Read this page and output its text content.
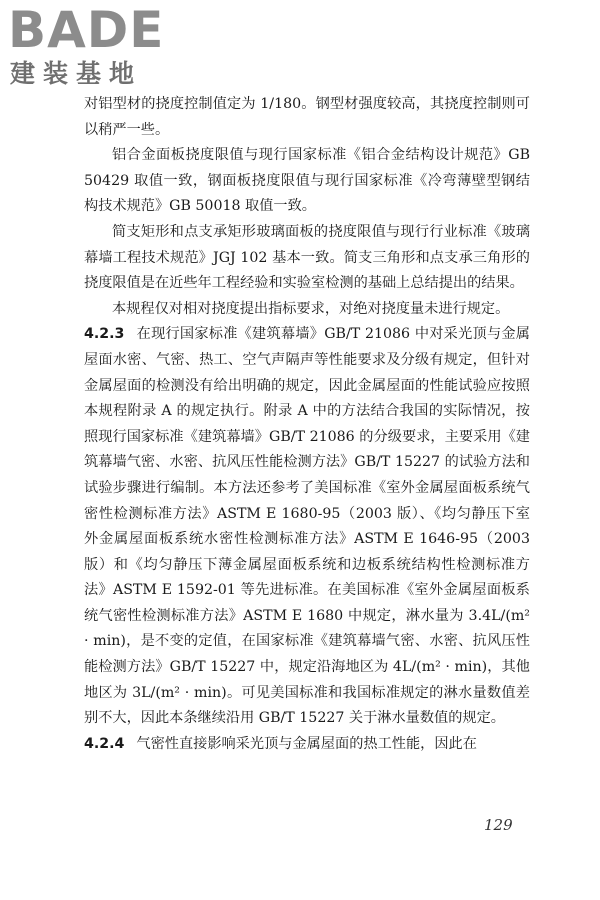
BADE
建装基地

对铝型材的挠度控制值定为 1/180。钢型材强度较高，其挠度控制则可以稍严一些。

铝合金面板挠度限值与现行国家标准《铝合金结构设计规范》GB 50429 取值一致，钢面板挠度限值与现行国家标准《冷弯薄壁型钢结构技术规范》GB 50018 取值一致。

简支矩形和点支承矩形玻璃面板的挠度限值与现行行业标准《玻璃幕墙工程技术规范》JGJ 102 基本一致。简支三角形和点支承三角形的挠度限值是在近些年工程经验和实验室检测的基础上总结提出的结果。

本规程仅对相对挠度提出指标要求，对绝对挠度量未进行规定。

4.2.3 在现行国家标准《建筑幕墙》GB/T 21086 中对采光顶与金属屋面水密、气密、热工、空气声隔声等性能要求及分级有规定，但针对金属屋面的检测没有给出明确的规定，因此金属屋面的性能试验应按照本规程附录 A 的规定执行。附录 A 中的方法结合我国的实际情况，按照现行国家标准《建筑幕墙》GB/T 21086 的分级要求，主要采用《建筑幕墙气密、水密、抗风压性能检测方法》GB/T 15227 的试验方法和试验步骤进行编制。本方法还参考了美国标准《室外金属屋面板系统气密性检测标准方法》ASTM E 1680-95（2003 版）、《均匀静压下室外金属屋面板系统水密性检测标准方法》ASTM E 1646-95（2003 版）和《均匀静压下薄金属屋面板系统和边板系统结构性检测标准方法》ASTM E 1592-01 等先进标准。在美国标准《室外金属屋面板系统气密性检测标准方法》ASTM E 1680 中规定，淋水量为 3.4L/(m² · min)，是不变的定值，在国家标准《建筑幕墙气密、水密、抗风压性能检测方法》GB/T 15227 中，规定沿海地区为 4L/(m² · min)，其他地区为 3L/(m² · min)。可见美国标准和我国标准规定的淋水量数值差别不大，因此本条继续沿用 GB/T 15227 关于淋水量数值的规定。

4.2.4 气密性直接影响采光顶与金属屋面的热工性能，因此在

129
